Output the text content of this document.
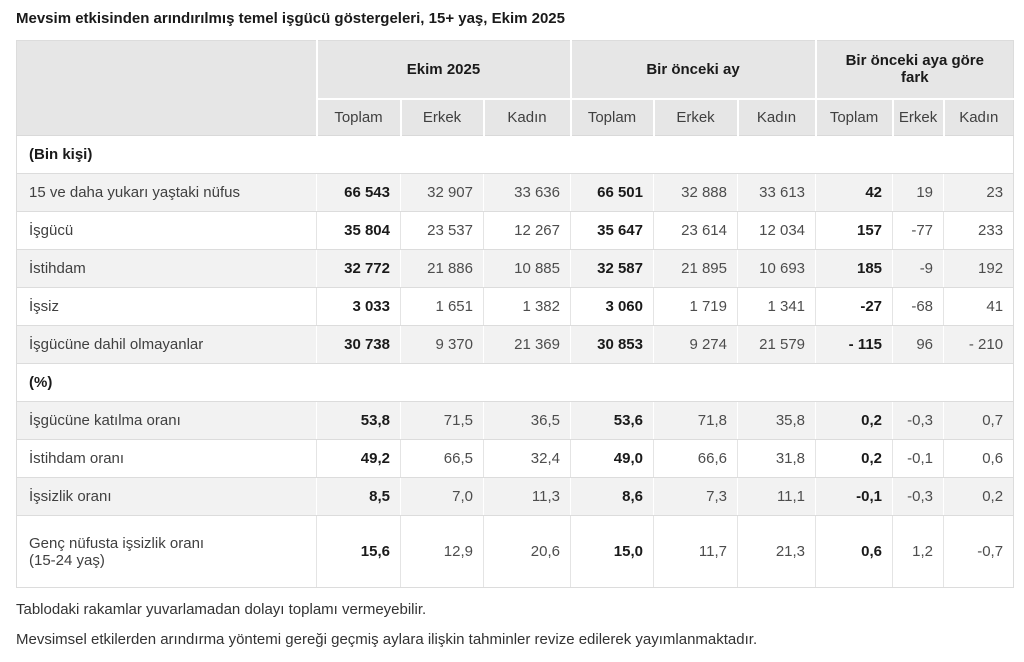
Mevsim etkisinden arındırılmış temel işgücü göstergeleri, 15+ yaş, Ekim 2025
	Ekim 2025			Bir önceki ay			Bir önceki aya göre fark		
	Toplam	Erkek	Kadın	Toplam	Erkek	Kadın	Toplam	Erkek	Kadın
(Bin kişi)									
15 ve daha yukarı yaştaki nüfus	66 543	32 907	33 636	66 501	32 888	33 613	42	19	23
İşgücü	35 804	23 537	12 267	35 647	23 614	12 034	157	-77	233
İstihdam	32 772	21 886	10 885	32 587	21 895	10 693	185	-9	192
İşsiz	3 033	1 651	1 382	3 060	1 719	1 341	-27	-68	41
İşgücüne dahil olmayanlar	30 738	9 370	21 369	30 853	9 274	21 579	- 115	96	- 210
(%)									
İşgücüne katılma oranı	53,8	71,5	36,5	53,6	71,8	35,8	0,2	-0,3	0,7
İstihdam oranı	49,2	66,5	32,4	49,0	66,6	31,8	0,2	-0,1	0,6
İşsizlik oranı	8,5	7,0	11,3	8,6	7,3	11,1	-0,1	-0,3	0,2

Genç nüfusta işsizlik oranı
(15-24 yaş)	15,6	12,9	20,6	15,0	11,7	21,3	0,6	1,2	-0,7

Tablodaki rakamlar yuvarlamadan dolayı toplamı vermeyebilir.

Mevsimsel etkilerden arındırma yöntemi gereği geçmiş aylara ilişkin tahminler revize edilerek yayımlanmaktadır.
